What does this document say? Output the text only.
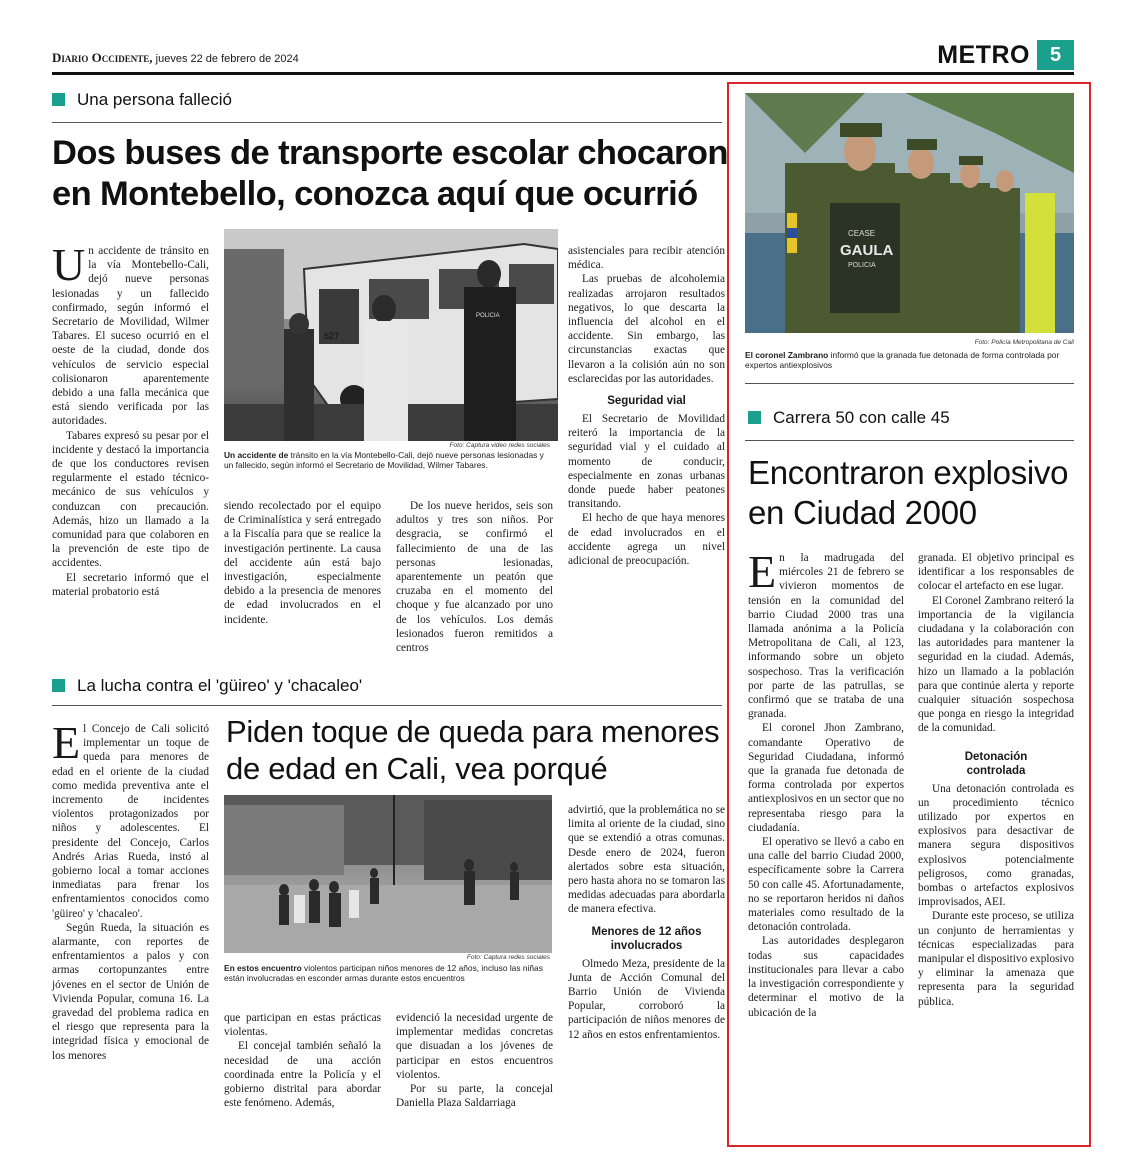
Diario Occidente, jueves 22 de febrero de 2024	METRO 5
Una persona falleció
Dos buses de transporte escolar chocaron
en Montebello, conozca aquí que ocurrió
U n accidente de tránsito en la vía Montebello-Cali, dejó nueve personas lesionadas y un fallecido confirmado, según informó el Secretario de Movilidad, Wilmer Tabares. El suceso ocurrió en el oeste de la ciudad, donde dos vehículos de servicio especial colisionaron aparentemente debido a una falla mecánica que está siendo verificada por las autoridades.

Tabares expresó su pesar por el incidente y destacó la importancia de que los conductores revisen regularmente el estado técnico-mecánico de sus vehículos y conduzcan con precaución. Además, hizo un llamado a la comunidad para que colaboren en la prevención de este tipo de accidentes.

El secretario informó que el material probatorio está

627
POLICIA
Foto: Captura video redes sociales
Un accidente de tránsito en la vía Montebello-Cali, dejó nueve personas lesionadas y un fallecido, según informó el Secretario de Movilidad, Wilmer Tabares.

siendo recolectado por el equipo de Criminalística y será entregado a la Fiscalía para que se realice la investigación pertinente. La causa del accidente aún está bajo investigación, especialmente debido a la presencia de menores de edad involucrados en el incidente.

De los nueve heridos, seis son adultos y tres son niños. Por desgracia, se confirmó el fallecimiento de una de las personas lesionadas, aparentemente un peatón que cruzaba en el momento del choque y fue alcanzado por uno de los vehículos. Los demás lesionados fueron remitidos a centros

asistenciales para recibir atención médica.

Las pruebas de alcoholemia realizadas arrojaron resultados negativos, lo que descarta la influencia del alcohol en el accidente. Sin embargo, las circunstancias exactas que llevaron a la colisión aún no son esclarecidas por las autoridades.

Seguridad vial

El Secretario de Movilidad reiteró la importancia de la seguridad vial y el cuidado al momento de conducir, especialmente en zonas urbanas donde puede haber peatones transitando.

El hecho de que haya menores de edad involucrados en el accidente agrega un nivel adicional de preocupación.

La lucha contra el 'güireo' y 'chacaleo'
E l Concejo de Cali solicitó implementar un toque de queda para menores de edad en el oriente de la ciudad como medida preventiva ante el incremento de incidentes violentos protagonizados por niños y adolescentes. El presidente del Concejo, Carlos Andrés Arias Rueda, instó al gobierno local a tomar acciones inmediatas para frenar los enfrentamientos conocidos como 'güireo' y 'chacaleo'.

Según Rueda, la situación es alarmante, con reportes de enfrentamientos a palos y con armas cortopunzantes entre jóvenes en el sector de Unión de Vivienda Popular, comuna 16. La gravedad del problema radica en el riesgo que representa para la integridad física y emocional de los menores

Piden toque de queda para menores
de edad en Cali, vea porqué
Foto: Captura redes sociales
En estos encuentro violentos participan niños menores de 12 años, incluso las niñas están involucradas en esconder armas durante estos encuentros

que participan en estas prácticas violentas.

El concejal también señaló la necesidad de una acción coordinada entre la Policía y el gobierno distrital para abordar este fenómeno. Además,

evidenció la necesidad urgente de implementar medidas concretas que disuadan a los jóvenes de participar en estos encuentros violentos.

Por su parte, la concejal Daniella Plaza Saldarriaga

advirtió, que la problemática no se limita al oriente de la ciudad, sino que se extendió a otras comunas. Desde enero de 2024, fueron alertados sobre esta situación, pero hasta ahora no se tomaron las medidas adecuadas para abordarla de manera efectiva.

Menores de 12 años
involucrados

Olmedo Meza, presidente de la Junta de Acción Comunal del Barrio Unión de Vivienda Popular, corroboró la participación de niños menores de 12 años en estos enfrentamientos.

CEASE
GAULA
POLICIA
Foto: Policía Metropolitana de Cali
El coronel Zambrano informó que la granada fue detonada de forma controlada por expertos antiexplosivos
Carrera 50 con calle 45
Encontraron explosivo
en Ciudad 2000
E n la madrugada del miércoles 21 de febrero se vivieron momentos de tensión en la comunidad del barrio Ciudad 2000 tras una llamada anónima a la Policía Metropolitana de Cali, al 123, informando sobre un objeto sospechoso. Tras la verificación por parte de las patrullas, se confirmó que se trataba de una granada.

El coronel Jhon Zambrano, comandante Operativo de Seguridad Ciudadana, informó que la granada fue detonada de forma controlada por expertos antiexplosivos en un sector que no representaba riesgo para la ciudadanía.

El operativo se llevó a cabo en una calle del barrio Ciudad 2000, específicamente sobre la Carrera 50 con calle 45. Afortunadamente, no se reportaron heridos ni daños materiales como resultado de la detonación controlada.

Las autoridades desplegaron todas sus capacidades institucionales para llevar a cabo la investigación correspondiente y determinar el motivo de la ubicación de la

granada. El objetivo principal es identificar a los responsables de colocar el artefacto en ese lugar.

El Coronel Zambrano reiteró la importancia de la vigilancia ciudadana y la colaboración con las autoridades para mantener la seguridad en la ciudad. Además, hizo un llamado a la población para que continúe alerta y reporte cualquier situación sospechosa que ponga en riesgo la integridad de la comunidad.

Detonación
controlada

Una detonación controlada es un procedimiento técnico utilizado por expertos en explosivos para desactivar de manera segura dispositivos explosivos potencialmente peligrosos, como granadas, bombas o artefactos explosivos improvisados, AEI.

Durante este proceso, se utiliza un conjunto de herramientas y técnicas especializadas para manipular el dispositivo explosivo y eliminar la amenaza que representa para la seguridad pública.
